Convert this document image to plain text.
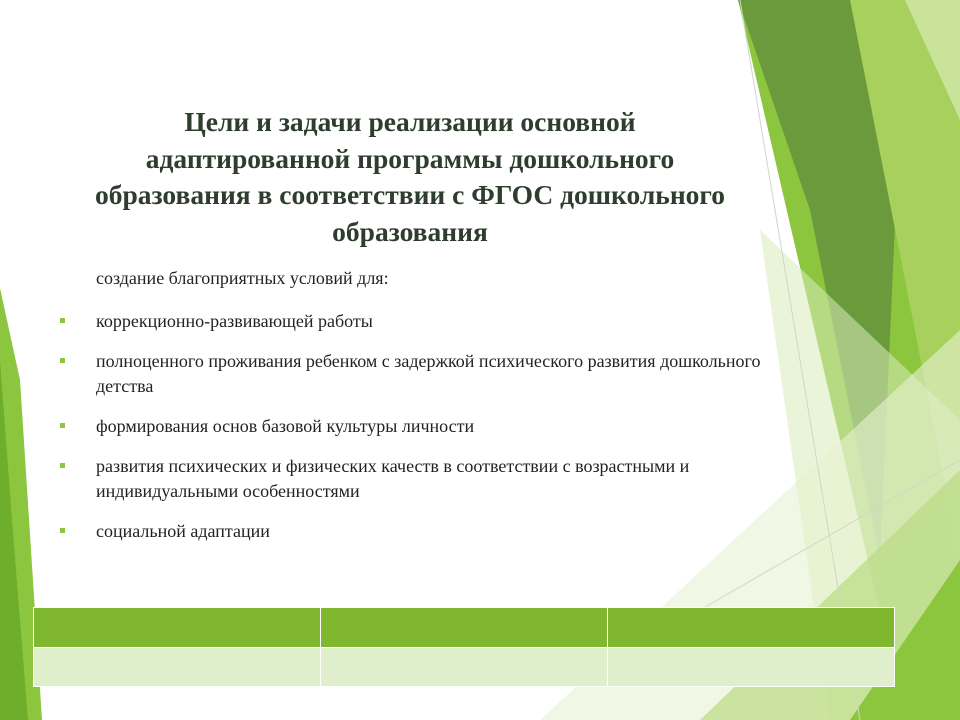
Цели и задачи реализации основной адаптированной программы дошкольного образования в соответствии с ФГОС дошкольного образования
создание благоприятных условий для:
коррекционно-развивающей работы
полноценного проживания ребенком с задержкой психического развития дошкольного детства
формирования основ базовой культуры личности
развития психических и физических качеств в соответствии с возрастными и индивидуальными особенностями
социальной адаптации
